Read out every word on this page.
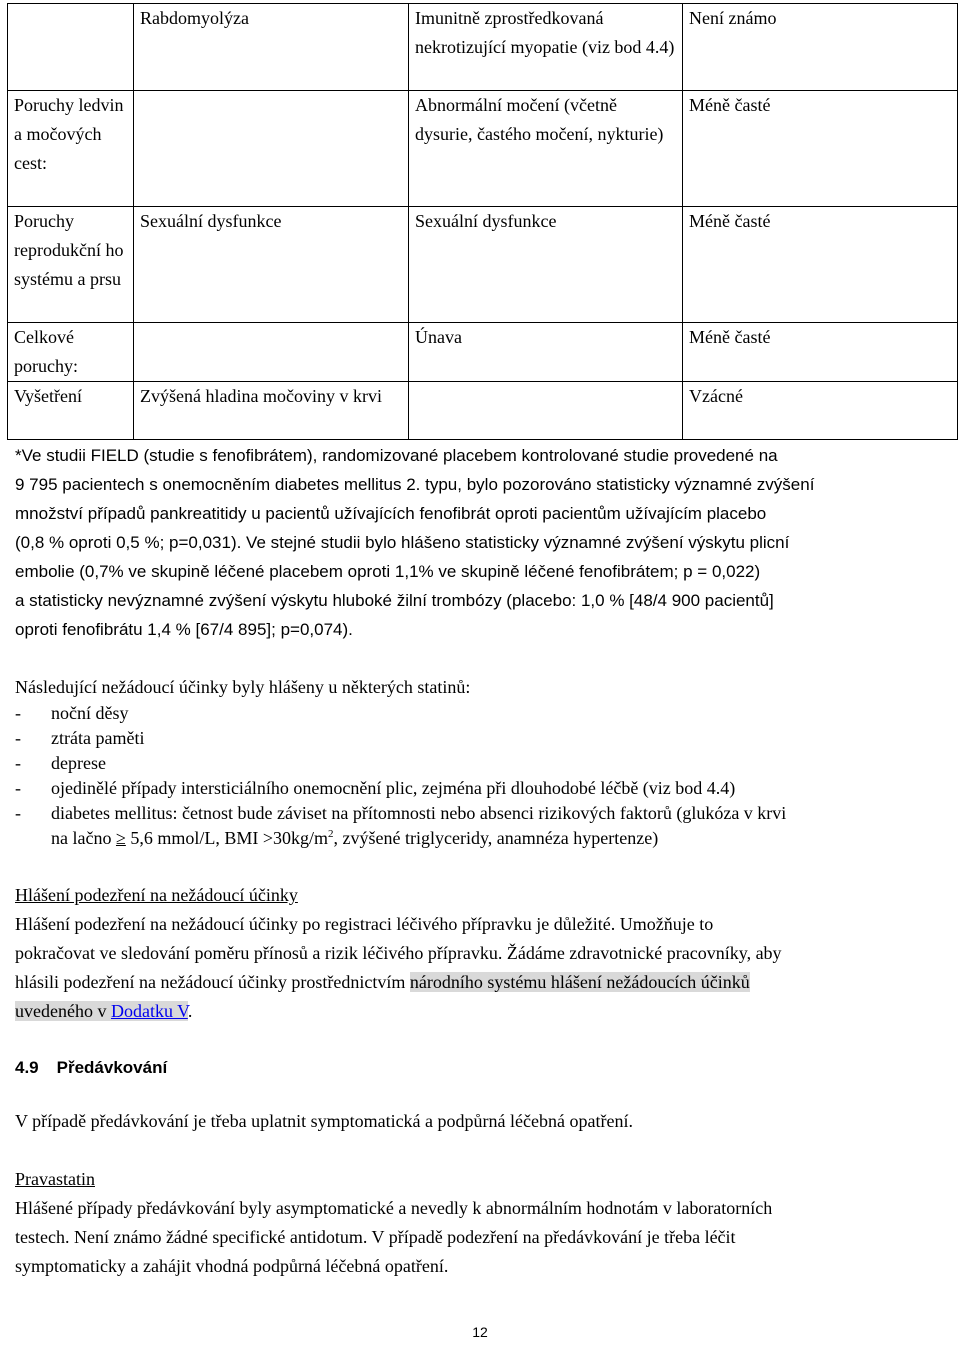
	Rabdomyolýza	Imunitně zprostředkovaná nekrotizující myopatie (viz bod 4.4)	Není známo
Poruchy ledvin a močových cest:		Abnormální močení (včetně dysurie, častého močení, nykturie)	Méně časté
Poruchy reprodukční ho systému a prsu	Sexuální dysfunkce	Sexuální dysfunkce	Méně časté
Celkové poruchy:		Únava	Méně časté
Vyšetření	Zvýšená hladina močoviny v krvi		Vzácné

*Ve studii FIELD (studie s fenofibrátem), randomizované placebem kontrolované studie provedené na

9 795 pacientech s onemocněním diabetes mellitus 2. typu, bylo pozorováno statisticky významné zvýšení

množství případů pankreatitidy u pacientů užívajících fenofibrát oproti pacientům užívajícím placebo

(0,8 % oproti 0,5 %; p=0,031). Ve stejné studii bylo hlášeno statisticky významné zvýšení výskytu plicní

embolie (0,7% ve skupině léčené placebem oproti 1,1% ve skupině léčené fenofibrátem; p = 0,022)

a statisticky nevýznamné zvýšení výskytu hluboké žilní trombózy (placebo: 1,0 % [48/4 900 pacientů]

oproti fenofibrátu 1,4 % [67/4 895]; p=0,074).

Následující nežádoucí účinky byly hlášeny u některých statinů:

- noční děsy
- ztráta paměti
- deprese
- ojedinělé případy intersticiálního onemocnění plic, zejména při dlouhodobé léčbě (viz bod 4.4)
- diabetes mellitus: četnost bude záviset na přítomnosti nebo absenci rizikových faktorů (glukóza v krvi
na lačno ≥ 5,6 mmol/L, BMI $>30kg/m^2$, zvýšené triglyceridy, anamnéza hypertenze)

Hlášení podezření na nežádoucí účinky

Hlášení podezření na nežádoucí účinky po registraci léčivého přípravku je důležité. Umožňuje to

pokračovat ve sledování poměru přínosů a rizik léčivého přípravku. Žádáme zdravotnické pracovníky, aby

hlásili podezření na nežádoucí účinky prostřednictvím národního systému hlášení nežádoucích účinků

uvedeného v Dodatku V.

4.9 Předávkování

V případě předávkování je třeba uplatnit symptomatická a podpůrná léčebná opatření.

Pravastatin

Hlášené případy předávkování byly asymptomatické a nevedly k abnormálním hodnotám v laboratorních

testech. Není známo žádné specifické antidotum. V případě podezření na předávkování je třeba léčit

symptomaticky a zahájit vhodná podpůrná léčebná opatření.

12
